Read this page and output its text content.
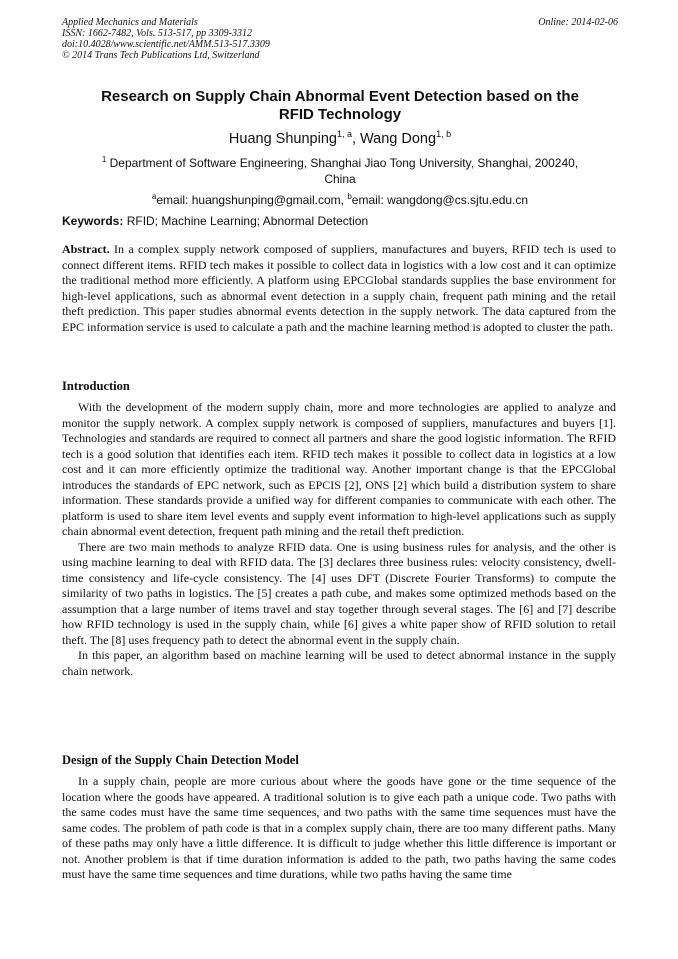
Applied Mechanics and Materials
ISSN: 1662-7482, Vols. 513-517, pp 3309-3312
doi:10.4028/www.scientific.net/AMM.513-517.3309
© 2014 Trans Tech Publications Ltd, Switzerland
Online: 2014-02-06
Research on Supply Chain Abnormal Event Detection based on the
RFID Technology
Huang Shunping$^{1, a}$, Wang Dong$^{1, b}$
$^1$ Department of Software Engineering, Shanghai Jiao Tong University, Shanghai, 200240, China
$^a$email: huangshunping@gmail.com, $^b$email: wangdong@cs.sjtu.edu.cn
Keywords: RFID; Machine Learning; Abnormal Detection

Abstract. In a complex supply network composed of suppliers, manufactures and buyers, RFID tech is used to connect different items. RFID tech makes it possible to collect data in logistics with a low cost and it can optimize the traditional method more efficiently. A platform using EPCGlobal standards supplies the base environment for high-level applications, such as abnormal event detection in a supply chain, frequent path mining and the retail theft prediction. This paper studies abnormal events detection in the supply network. The data captured from the EPC information service is used to calculate a path and the machine learning method is adopted to cluster the path.

Introduction

With the development of the modern supply chain, more and more technologies are applied to analyze and monitor the supply network. A complex supply network is composed of suppliers, manufactures and buyers [1]. Technologies and standards are required to connect all partners and share the good logistic information. The RFID tech is a good solution that identifies each item. RFID tech makes it possible to collect data in logistics at a low cost and it can more efficiently optimize the traditional way. Another important change is that the EPCGlobal introduces the standards of EPC network, such as EPCIS [2], ONS [2] which build a distribution system to share information. These standards provide a unified way for different companies to communicate with each other. The platform is used to share item level events and supply event information to high-level applications such as supply chain abnormal event detection, frequent path mining and the retail theft prediction.

There are two main methods to analyze RFID data. One is using business rules for analysis, and the other is using machine learning to deal with RFID data. The [3] declares three business rules: velocity consistency, dwell-time consistency and life-cycle consistency. The [4] uses DFT (Discrete Fourier Transforms) to compute the similarity of two paths in logistics. The [5] creates a path cube, and makes some optimized methods based on the assumption that a large number of items travel and stay together through several stages. The [6] and [7] describe how RFID technology is used in the supply chain, while [6] gives a white paper show of RFID solution to retail theft. The [8] uses frequency path to detect the abnormal event in the supply chain.

In this paper, an algorithm based on machine learning will be used to detect abnormal instance in the supply chain network.

Design of the Supply Chain Detection Model

In a supply chain, people are more curious about where the goods have gone or the time sequence of the location where the goods have appeared. A traditional solution is to give each path a unique code. Two paths with the same codes must have the same time sequences, and two paths with the same time sequences must have the same codes. The problem of path code is that in a complex supply chain, there are too many different paths. Many of these paths may only have a little difference. It is difficult to judge whether this little difference is important or not. Another problem is that if time duration information is added to the path, two paths having the same codes must have the same time sequences and time durations, while two paths having the same time
